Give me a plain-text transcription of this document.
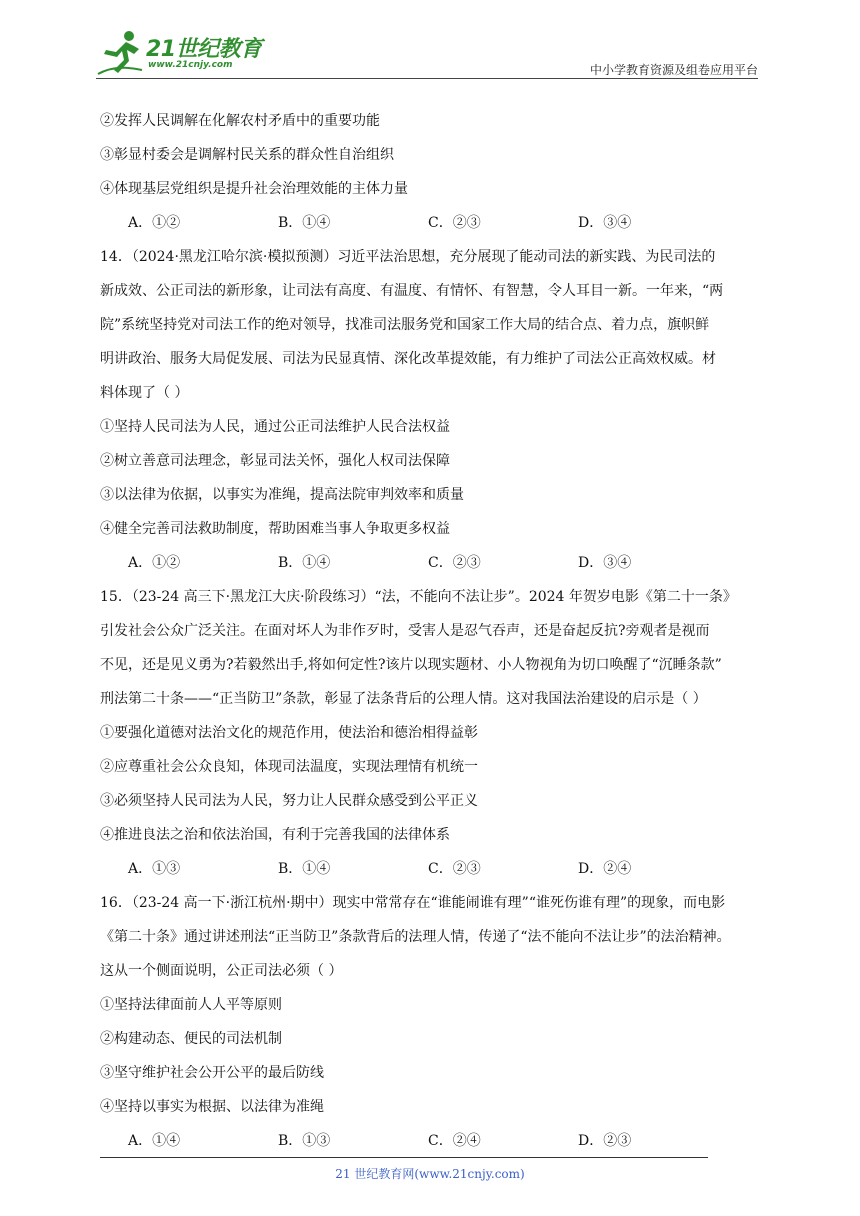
21世纪教育
www.21cnjy.com	中小学教育资源及组卷应用平台
②发挥人民调解在化解农村矛盾中的重要功能
③彰显村委会是调解村民关系的群众性自治组织
④体现基层党组织是提升社会治理效能的主体力量
A．①②	B．①④	C．②③	D．③④
14．（2024·黑龙江哈尔滨·模拟预测）习近平法治思想，充分展现了能动司法的新实践、为民司法的
新成效、公正司法的新形象，让司法有高度、有温度、有情怀、有智慧，令人耳目一新。一年来，“两
院”系统坚持党对司法工作的绝对领导，找准司法服务党和国家工作大局的结合点、着力点，旗帜鲜
明讲政治、服务大局促发展、司法为民显真情、深化改革提效能，有力维护了司法公正高效权威。材
料体现了（ ）
①坚持人民司法为人民，通过公正司法维护人民合法权益
②树立善意司法理念，彰显司法关怀，强化人权司法保障
③以法律为依据，以事实为准绳，提高法院审判效率和质量
④健全完善司法救助制度，帮助困难当事人争取更多权益
A．①②	B．①④	C．②③	D．③④
15．（23-24 高三下·黑龙江大庆·阶段练习）“法，不能向不法让步”。2024 年贺岁电影《第二十一条》
引发社会公众广泛关注。在面对坏人为非作歹时，受害人是忍气吞声，还是奋起反抗?旁观者是视而
不见，还是见义勇为?若毅然出手,将如何定性?该片以现实题材、小人物视角为切口唤醒了“沉睡条款”
刑法第二十条——“正当防卫”条款，彰显了法条背后的公理人情。这对我国法治建设的启示是（ ）
①要强化道德对法治文化的规范作用，使法治和德治相得益彰
②应尊重社会公众良知，体现司法温度，实现法理情有机统一
③必须坚持人民司法为人民，努力让人民群众感受到公平正义
④推进良法之治和依法治国，有利于完善我国的法律体系
A．①③	B．①④	C．②③	D．②④
16．（23-24 高一下·浙江杭州·期中）现实中常常存在“谁能闹谁有理”“谁死伤谁有理”的现象，而电影
《第二十条》通过讲述刑法“正当防卫”条款背后的法理人情，传递了“法不能向不法让步”的法治精神。
这从一个侧面说明，公正司法必须（ ）
①坚持法律面前人人平等原则
②构建动态、便民的司法机制
③坚守维护社会公开公平的最后防线
④坚持以事实为根据、以法律为准绳
A．①④	B．①③	C．②④	D．②③
21 世纪教育网(www.21cnjy.com)
